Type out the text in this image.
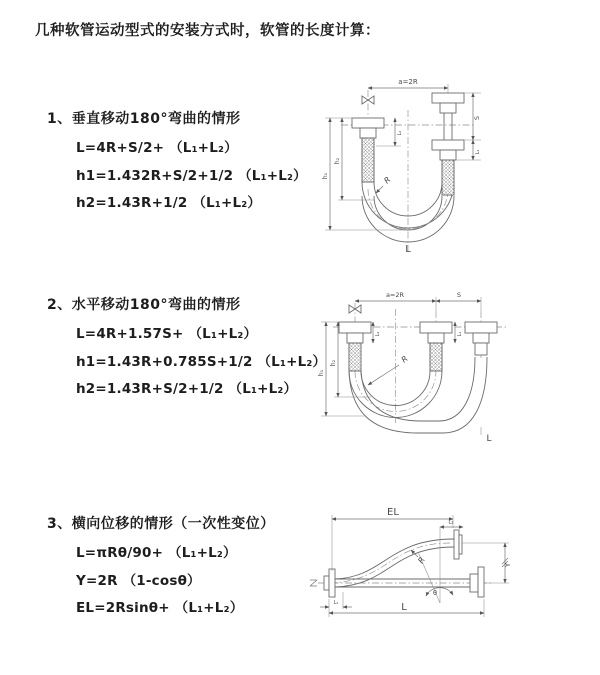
几种软管运动型式的安装方式时，软管的长度计算：
1、垂直移动180°弯曲的情形
L=4R+S/2+ （L₁+L₂）
h1=1.432R+S/2+1/2 （L₁+L₂）
h2=1.43R+1/2 （L₁+L₂）
2、水平移动180°弯曲的情形
L=4R+1.57S+ （L₁+L₂）
h1=1.43R+0.785S+1/2 （L₁+L₂）
h2=1.43R+S/2+1/2 （L₁+L₂）
3、横向位移的情形（一次性变位）
L=πRθ/90+ （L₁+L₂）
Y=2R （1-cosθ）
EL=2Rsinθ+ （L₁+L₂）
a=2R
h₁
h₂
S
L₁
L₂
R
L
a=2R	S
h₁
h₂
L₂	L₁
R
L
EL
L₂
θ
Y
L
L₁
R
